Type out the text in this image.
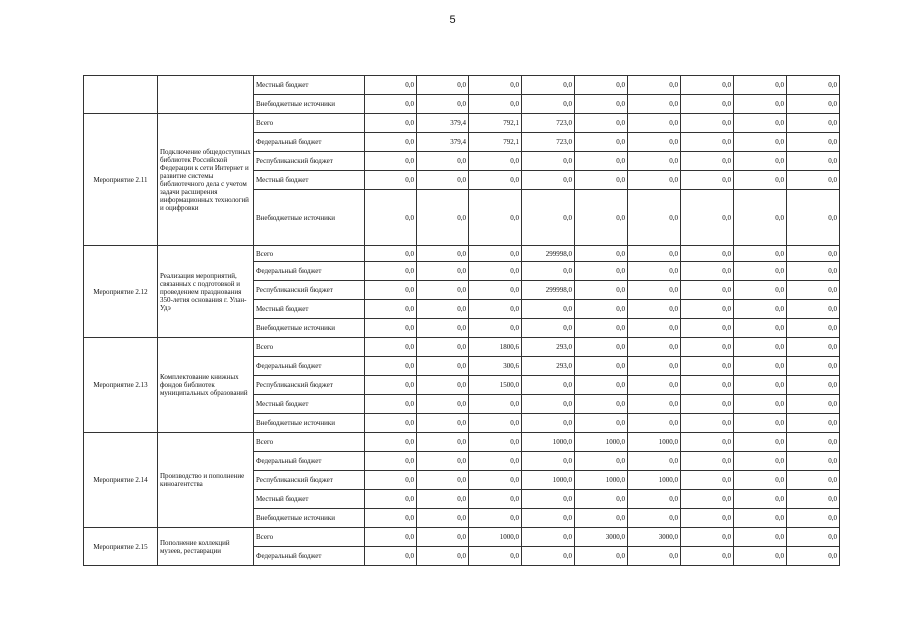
5
		Местный бюджет	0,0	0,0	0,0	0,0	0,0	0,0	0,0	0,0	0,0
		Внебюджетные источники	0,0	0,0	0,0	0,0	0,0	0,0	0,0	0,0	0,0
Мероприятие 2.11	Подключение общедоступных библиотек Российской Федерации к сети Интернет и развитие системы библиотечного дела с учетом задачи расширения информационных технологий и оцифровки	Всего	0,0	379,4	792,1	723,0	0,0	0,0	0,0	0,0	0,0
		Федеральный бюджет	0,0	379,4	792,1	723,0	0,0	0,0	0,0	0,0	0,0
		Республиканский бюджет	0,0	0,0	0,0	0,0	0,0	0,0	0,0	0,0	0,0
		Местный бюджет	0,0	0,0	0,0	0,0	0,0	0,0	0,0	0,0	0,0
		Внебюджетные источники	0,0	0,0	0,0	0,0	0,0	0,0	0,0	0,0	0,0
Мероприятие 2.12	Реализация мероприятий, связанных с подготовкой и проведением празднования 350-летия основания г. Улан-Удэ	Всего	0,0	0,0	0,0	299998,0	0,0	0,0	0,0	0,0	0,0
		Федеральный бюджет	0,0	0,0	0,0	0,0	0,0	0,0	0,0	0,0	0,0
		Республиканский бюджет	0,0	0,0	0,0	299998,0	0,0	0,0	0,0	0,0	0,0
		Местный бюджет	0,0	0,0	0,0	0,0	0,0	0,0	0,0	0,0	0,0
		Внебюджетные источники	0,0	0,0	0,0	0,0	0,0	0,0	0,0	0,0	0,0
Мероприятие 2.13	Комплектование книжных фондов библиотек муниципальных образований	Всего	0,0	0,0	1800,6	293,0	0,0	0,0	0,0	0,0	0,0
		Федеральный бюджет	0,0	0,0	300,6	293,0	0,0	0,0	0,0	0,0	0,0
		Республиканский бюджет	0,0	0,0	1500,0	0,0	0,0	0,0	0,0	0,0	0,0
		Местный бюджет	0,0	0,0	0,0	0,0	0,0	0,0	0,0	0,0	0,0
		Внебюджетные источники	0,0	0,0	0,0	0,0	0,0	0,0	0,0	0,0	0,0
Мероприятие 2.14	Производство и пополнение киноагентства	Всего	0,0	0,0	0,0	1000,0	1000,0	1000,0	0,0	0,0	0,0
		Федеральный бюджет	0,0	0,0	0,0	0,0	0,0	0,0	0,0	0,0	0,0
		Республиканский бюджет	0,0	0,0	0,0	1000,0	1000,0	1000,0	0,0	0,0	0,0
		Местный бюджет	0,0	0,0	0,0	0,0	0,0	0,0	0,0	0,0	0,0
		Внебюджетные источники	0,0	0,0	0,0	0,0	0,0	0,0	0,0	0,0	0,0
Мероприятие 2.15	Пополнение коллекций музеев, реставрации	Всего	0,0	0,0	1000,0	0,0	3000,0	3000,0	0,0	0,0	0,0
		Федеральный бюджет	0,0	0,0	0,0	0,0	0,0	0,0	0,0	0,0	0,0
